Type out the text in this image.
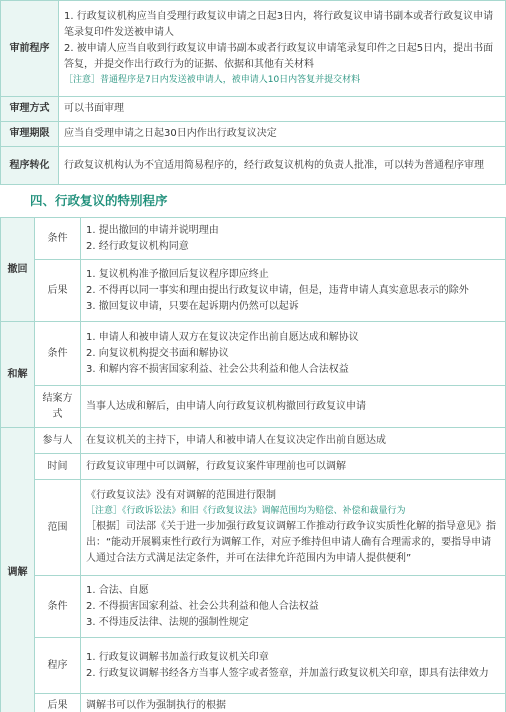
审前程序	1. 行政复议机构应当自受理行政复议申请之日起3日内，将行政复议申请书副本或者行政复议申请笔录复印件发送被申请人
2. 被申请人应当自收到行政复议申请书副本或者行政复议申请笔录复印件之日起5日内，提出书面答复，并提交作出行政行为的证据、依据和其他有关材料
［注意］普通程序是7日内发送被申请人，被申请人10日内答复并提交材料

审理方式	可以书面审理
审理期限	应当自受理申请之日起30日内作出行政复议决定
程序转化	行政复议机构认为不宜适用简易程序的，经行政复议机构的负责人批准，可以转为普通程序审理
四、行政复议的特别程序
撤回	条件	1. 提出撤回的申请并说明理由
2. 经行政复议机构同意

	后果	1. 复议机构准予撤回后复议程序即应终止
2. 不得再以同一事实和理由提出行政复议申请，但是，违背申请人真实意思表示的除外
3. 撤回复议申请，只要在起诉期内仍然可以起诉

和解	条件	1. 申请人和被申请人双方在复议决定作出前自愿达成和解协议
2. 向复议机构提交书面和解协议
3. 和解内容不损害国家利益、社会公共利益和他人合法权益

	结案方式	当事人达成和解后，由申请人向行政复议机构撤回行政复议申请
调解	参与人	在复议机关的主持下，申请人和被申请人在复议决定作出前自愿达成
	时间	行政复议审理中可以调解，行政复议案件审理前也可以调解
	范围	《行政复议法》没有对调解的范围进行限制
［注意］《行政诉讼法》和旧《行政复议法》调解范围均为赔偿、补偿和裁量行为
［根据］司法部《关于进一步加强行政复议调解工作推动行政争议实质性化解的指导意见》指出：“能动开展羁束性行政行为调解工作，对应予维持但申请人确有合理需求的，要指导申请人通过合法方式满足法定条件，并可在法律允许范围内为申请人提供便利”

	条件	1. 合法、自愿
2. 不得损害国家利益、社会公共利益和他人合法权益
3. 不得违反法律、法规的强制性规定

	程序	1. 行政复议调解书加盖行政复议机关印章
2. 行政复议调解书经各方当事人签字或者签章，并加盖行政复议机关印章，即具有法律效力

	后果	调解书可以作为强制执行的根据
